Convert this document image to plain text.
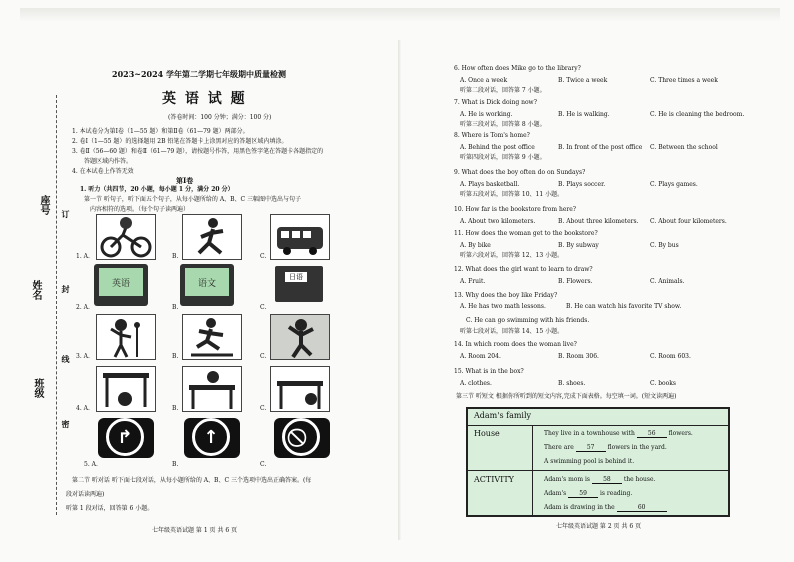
2023~2024 学年第二学期七年级期中质量检测
英 语 试 题
(答卷时间：100 分钟；满分：100 分)
1. 本试卷分为第Ⅰ卷（1—55 题）和第Ⅱ卷（61—79 题）两部分。
2. 卷Ⅰ（1—55 题）的选择题用 2B 铅笔在答题卡上涂黑对应的答题区域内填涂。
3. 卷Ⅱ（56—60 题）和卷Ⅱ（61—79 题），请按题号作答，用黑色签字笔在答题卡各题指定的
答题区域内作答。
4. 在本试卷上作答无效
第Ⅰ卷
1. 听力（共四节，20 小题，每小题 1 分，满分 20 分）
第一节 听句子，听下面五个句子，从每小题所给的 A、B、C 三幅图中选出与句子
内容相符的选项。（每个句子读两遍）
座号
姓名
班级
订
封
线
密
1. A.	B.	C.
2. A.
英语
B.
语文
C.
日语
3. A.	B.	C.
4. A.	B.	C.
5. A.
↱
B.
↑
C.
第二节 听对话 听下面七段对话，从每小题所给的 A、B、C 三个选项中选出正确答案。(每
段对话读两遍)
听第 1 段对话，回答第 6 小题。
七年级英语试题 第 1 页 共 6 页
6. How often does Mike go to the library?
A. Once a week	B. Twice a week	C. Three times a week
听第二段对话，回答第 7 小题。
7. What is Dick doing now?
A. He is working.	B. He is walking.	C. He is cleaning the bedroom.
听第三段对话，回答第 8 小题。
8. Where is Tom's home?
A. Behind the post office	B. In front of the post office C. Between the school
听第四段对话，回答第 9 小题。
9. What does the boy often do on Sundays?
A. Plays basketball.	B. Plays soccer.	C. Plays games.
听第五段对话，回答第 10、11 小题。
10. How far is the bookstore from here?
A. About two kilometers.	B. About three kilometers. C. About four kilometers.
11. How does the woman get to the bookstore?
A. By bike	B. By subway	C. By bus
听第六段对话，回答第 12、13 小题。
12. What does the girl want to learn to draw?
A. Fruit.	B. Flowers.	C. Animals.
13. Why does the boy like Friday?
A. He has two math lessons.	B. He can watch his favorite TV show.
C. He can go swimming with his friends.
听第七段对话，回答第 14、15 小题。
14. In which room does the woman live?
A. Room 204.	B. Room 306.	C. Room 603.
15. What is in the box?
A. clothes.	B. shoes.	C. books
第三节 听短文 根据你所听到的短文内容,完成下面表格。每空填一词。(短文读两遍)
Adam's family
House	They live in a townhouse with 56 flowers.
There are 57 flowers in the yard.
A swimming pool is behind it.
ACTIVITY	Adam's mom is 58 the house.
Adam's 59 is reading.
Adam is drawing in the	60
七年级英语试题 第 2 页 共 6 页
